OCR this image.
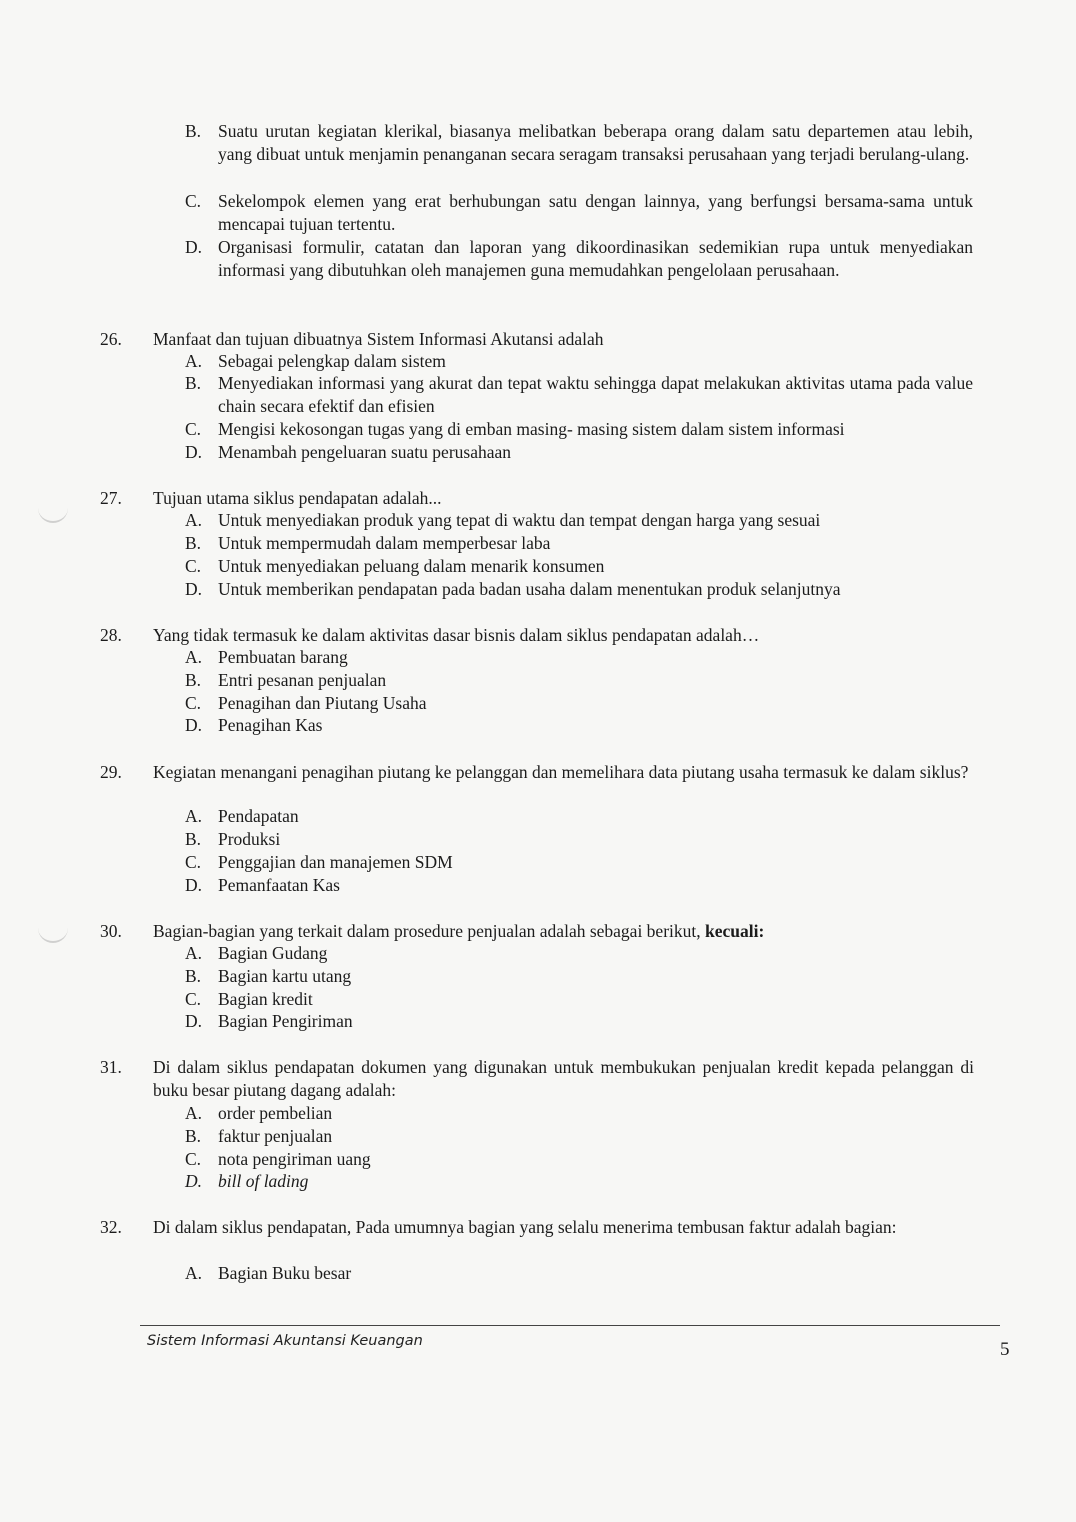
B. Suatu urutan kegiatan klerikal, biasanya melibatkan beberapa orang dalam satu departemen atau lebih, yang dibuat untuk menjamin penanganan secara seragam transaksi perusahaan yang terjadi berulang-ulang.
C. Sekelompok elemen yang erat berhubungan satu dengan lainnya, yang berfungsi bersama-sama untuk mencapai tujuan tertentu.
D. Organisasi formulir, catatan dan laporan yang dikoordinasikan sedemikian rupa untuk menyediakan informasi yang dibutuhkan oleh manajemen guna memudahkan pengelolaan perusahaan.
26. Manfaat dan tujuan dibuatnya Sistem Informasi Akutansi adalah
A. Sebagai pelengkap dalam sistem
B. Menyediakan informasi yang akurat dan tepat waktu sehingga dapat melakukan aktivitas utama pada value chain secara efektif dan efisien
C. Mengisi kekosongan tugas yang di emban masing- masing sistem dalam sistem informasi
D. Menambah pengeluaran suatu perusahaan
27. Tujuan utama siklus pendapatan adalah...
A. Untuk menyediakan produk yang tepat di waktu dan tempat dengan harga yang sesuai
B. Untuk mempermudah dalam memperbesar laba
C. Untuk menyediakan peluang dalam menarik konsumen
D. Untuk memberikan pendapatan pada badan usaha dalam menentukan produk selanjutnya
28. Yang tidak termasuk ke dalam aktivitas dasar bisnis dalam siklus pendapatan adalah…
A. Pembuatan barang
B. Entri pesanan penjualan
C. Penagihan dan Piutang Usaha
D. Penagihan Kas
29. Kegiatan menangani penagihan piutang ke pelanggan dan memelihara data piutang usaha termasuk ke dalam siklus?
A. Pendapatan
B. Produksi
C. Penggajian dan manajemen SDM
D. Pemanfaatan Kas
30. Bagian-bagian yang terkait dalam prosedure penjualan adalah sebagai berikut, kecuali:
A. Bagian Gudang
B. Bagian kartu utang
C. Bagian kredit
D. Bagian Pengiriman
31. Di dalam siklus pendapatan dokumen yang digunakan untuk membukukan penjualan kredit kepada pelanggan di buku besar piutang dagang adalah:
A. order pembelian
B. faktur penjualan
C. nota pengiriman uang
D. bill of lading
32. Di dalam siklus pendapatan, Pada umumnya bagian yang selalu menerima tembusan faktur adalah bagian:
A. Bagian Buku besar
Sistem Informasi Akuntansi Keuangan	5
